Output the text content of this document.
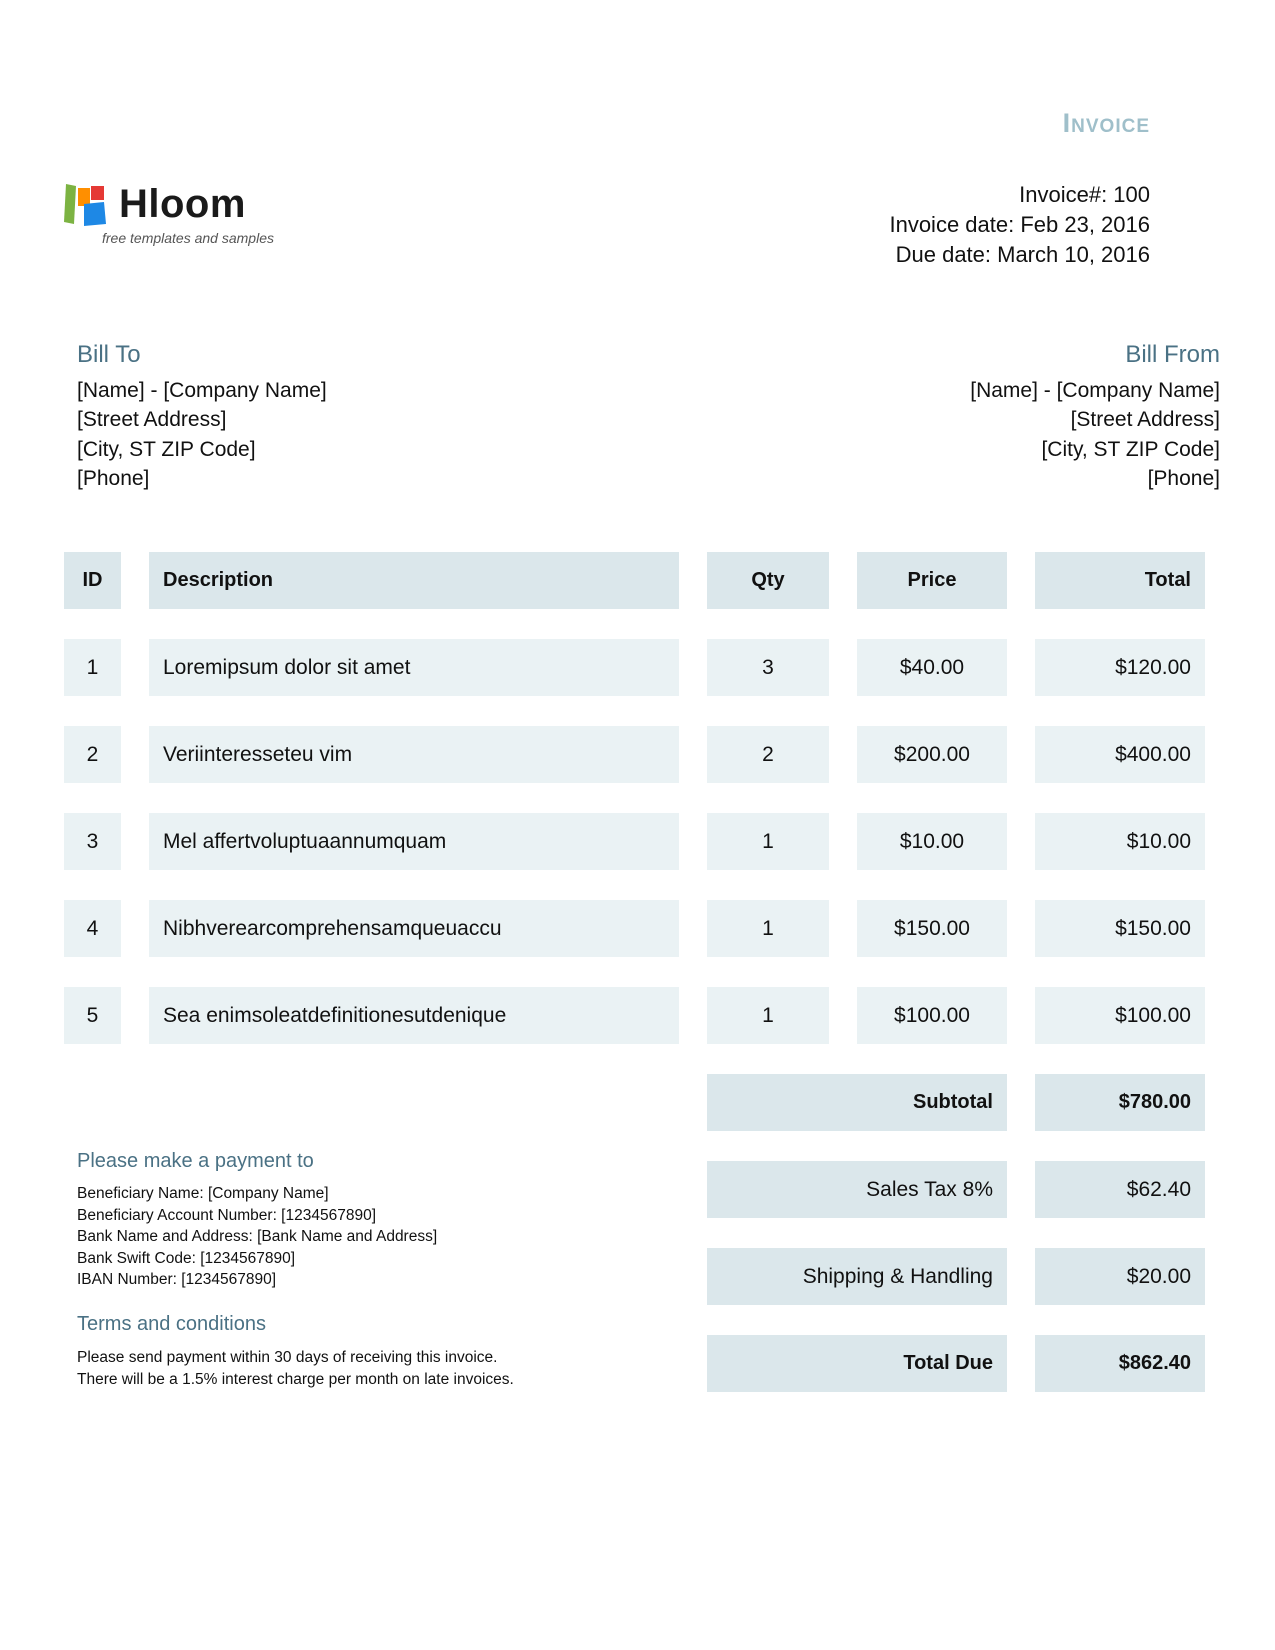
Invoice
Hloom
free templates and samples
Invoice#: 100
Invoice date: Feb 23, 2016
Due date: March 10, 2016
Bill To
[Name] - [Company Name]
[Street Address]
[City, ST ZIP Code]
[Phone]
Bill From
[Name] - [Company Name]
[Street Address]
[City, ST ZIP Code]
[Phone]
ID	Description	Qty	Price	Total
1	Loremipsum dolor sit amet	3	$40.00	$120.00
2	Veriinteresseteu vim	2	$200.00	$400.00
3	Mel affertvoluptuaannumquam	1	$10.00	$10.00
4	Nibhverearcomprehensamqueuaccu	1	$150.00	$150.00
5	Sea enimsoleatdefinitionesutdenique	1	$100.00	$100.00
Subtotal	$780.00
Sales Tax 8%	$62.40
Shipping & Handling	$20.00
Total Due	$862.40
Please make a payment to
Beneficiary Name: [Company Name]
Beneficiary Account Number: [1234567890]
Bank Name and Address: [Bank Name and Address]
Bank Swift Code: [1234567890]
IBAN Number: [1234567890]
Terms and conditions
Please send payment within 30 days of receiving this invoice.
There will be a 1.5% interest charge per month on late invoices.
